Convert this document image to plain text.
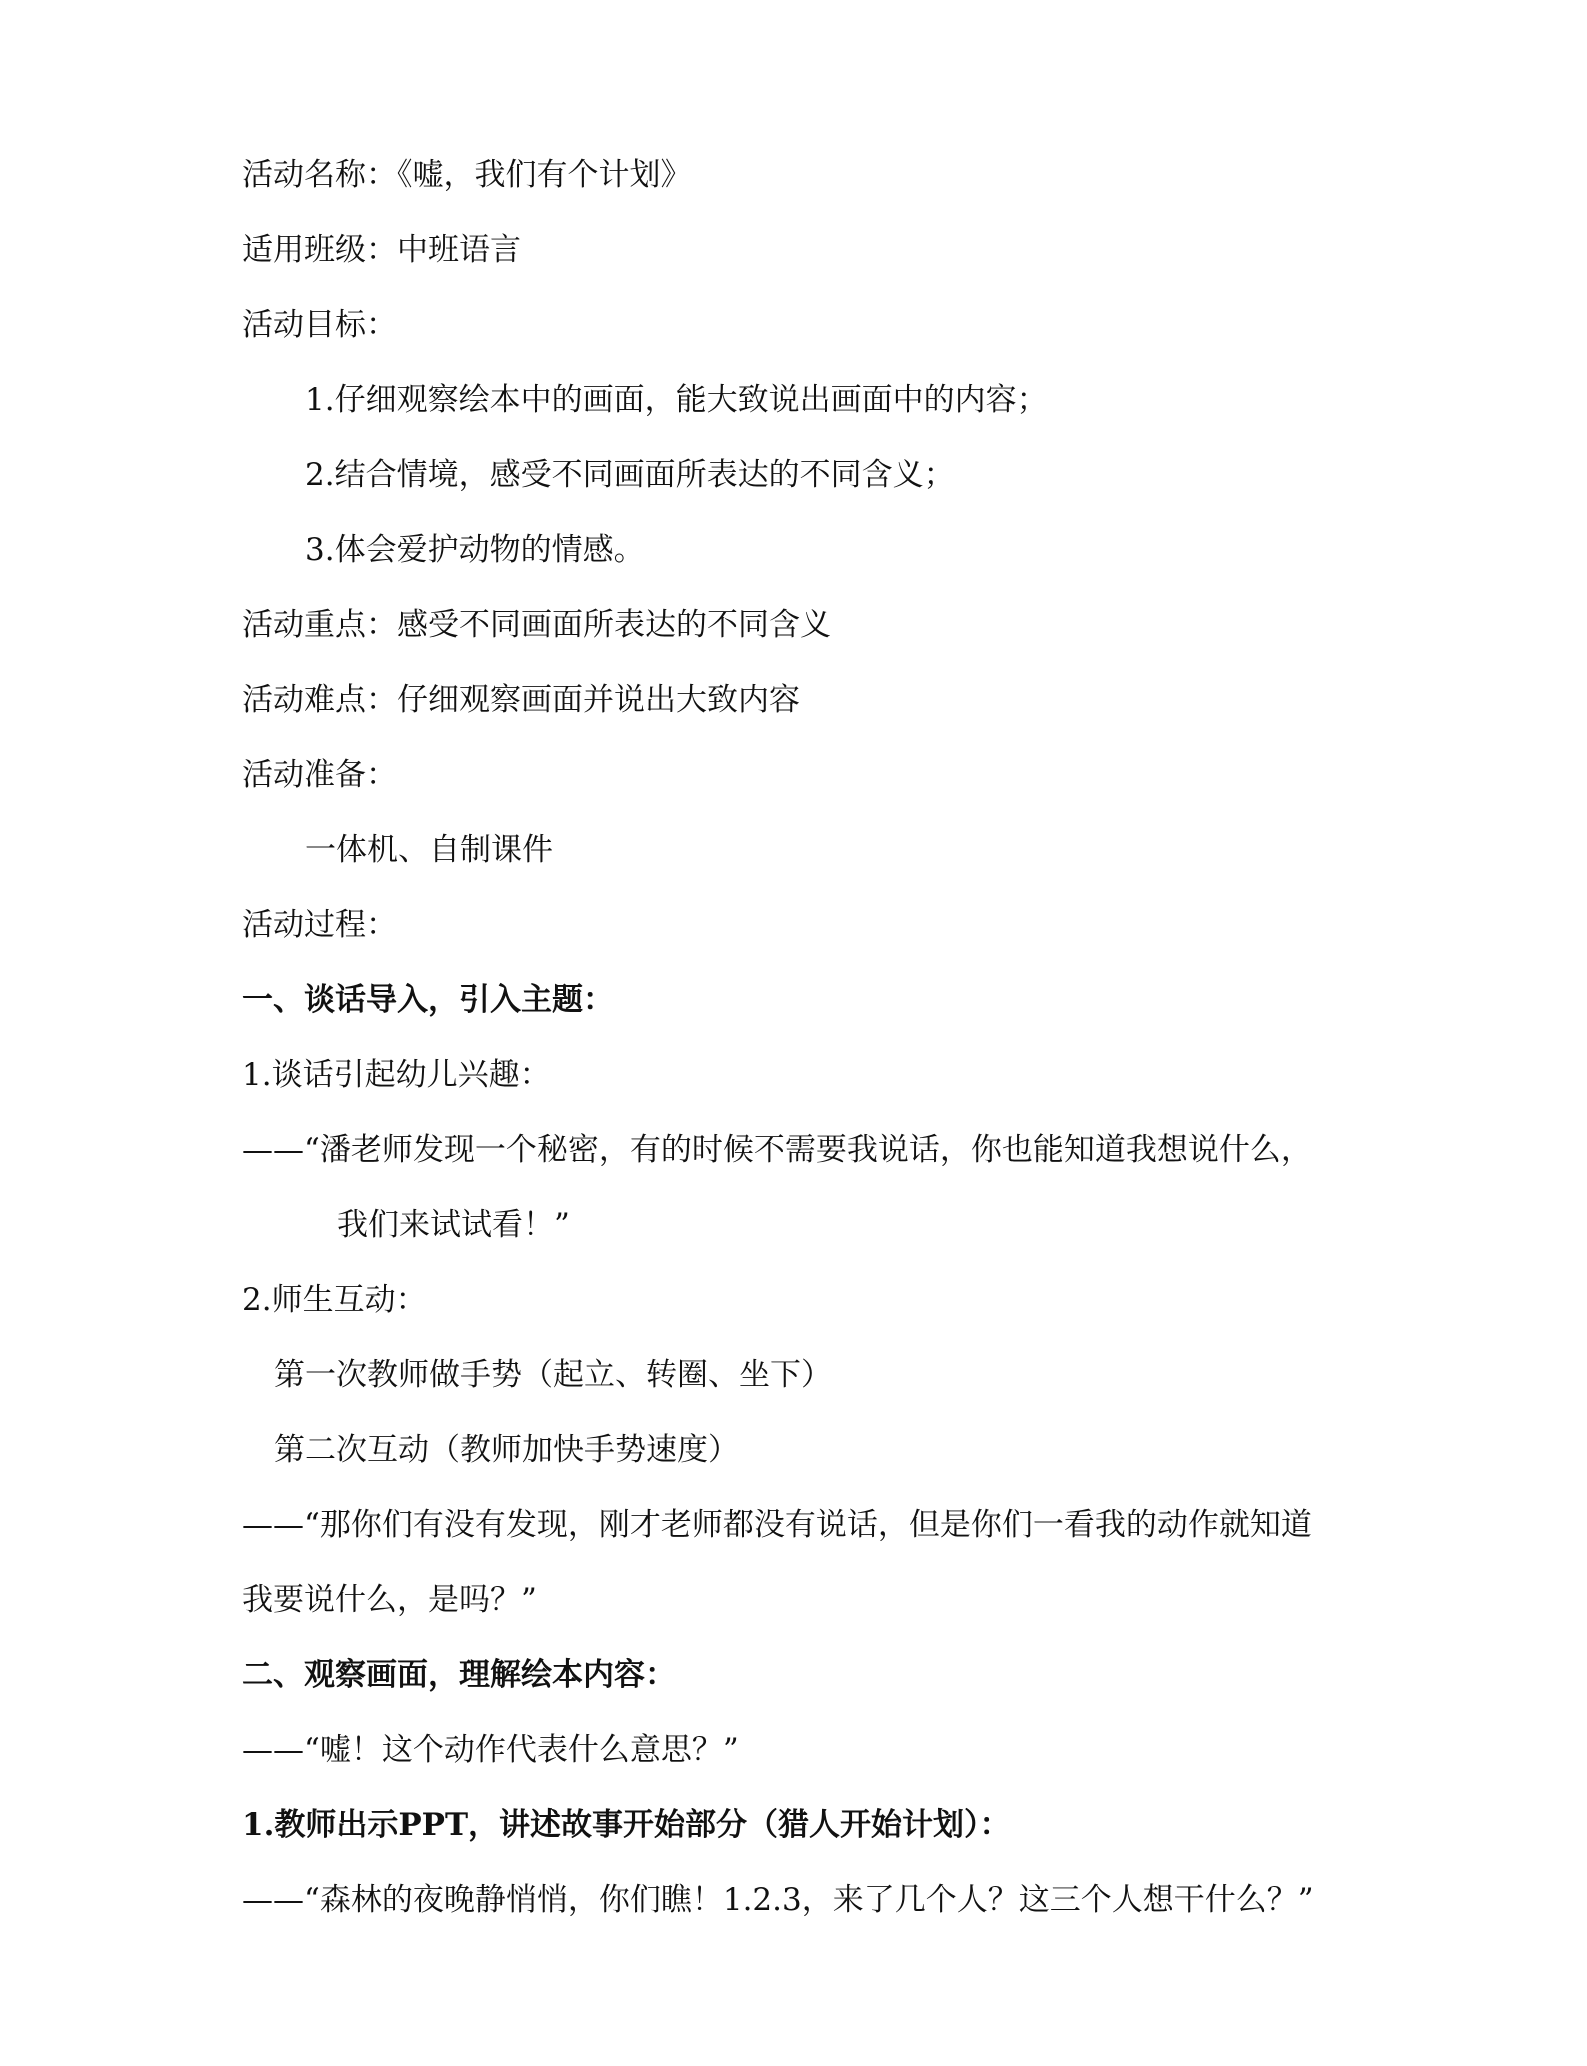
活动名称：《嘘，我们有个计划》
适用班级：中班语言
活动目标：
1.仔细观察绘本中的画面，能大致说出画面中的内容；
2.结合情境，感受不同画面所表达的不同含义；
3.体会爱护动物的情感。
活动重点：感受不同画面所表达的不同含义
活动难点：仔细观察画面并说出大致内容
活动准备：
一体机、自制课件
活动过程：
一、谈话导入，引入主题：
1.谈话引起幼儿兴趣：
——“潘老师发现一个秘密，有的时候不需要我说话，你也能知道我想说什么，
我们来试试看！”
2.师生互动：
第一次教师做手势（起立、转圈、坐下）
第二次互动（教师加快手势速度）
——“那你们有没有发现，刚才老师都没有说话，但是你们一看我的动作就知道
我要说什么，是吗？”
二、观察画面，理解绘本内容：
——“嘘！这个动作代表什么意思？”
1.教师出示PPT，讲述故事开始部分（猎人开始计划）：
——“森林的夜晚静悄悄，你们瞧！1.2.3，来了几个人？这三个人想干什么？”
